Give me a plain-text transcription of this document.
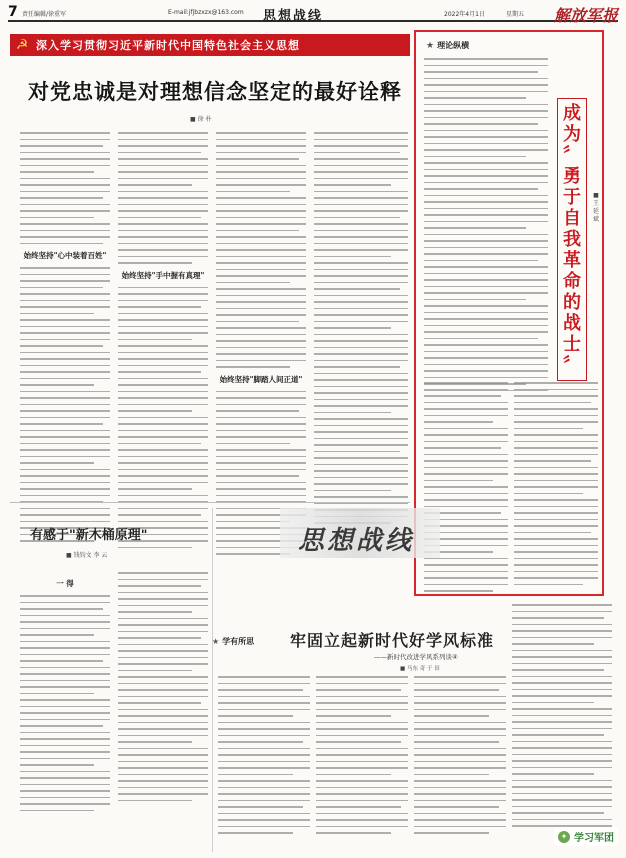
7 责任编辑/徐重军	E-mail:jfjbzxzx@163.com 思想战线	2022年4月1日	星期五 解放军报
☭ 深入学习贯彻习近平新时代中国特色社会主义思想
对党忠诚是对理想信念坚定的最好诠释
■ 徐 朴
始终坚持"心中装着百姓"
始终坚持"手中握有真理"
始终坚持"脚踏人间正道"
★ 理论纵横
成
为
〞
勇
于
自
我
革
命
的
战
士
〞
■
王
延
斌
有感于"新木桶原理"
■ 钱钧文 李 云
一 得
思想战线
★ 学有所思 牢固立起新时代好学风标准
——新时代改进学风系列谈④
■ 马东 奇 于 田
✦ 学习军团
